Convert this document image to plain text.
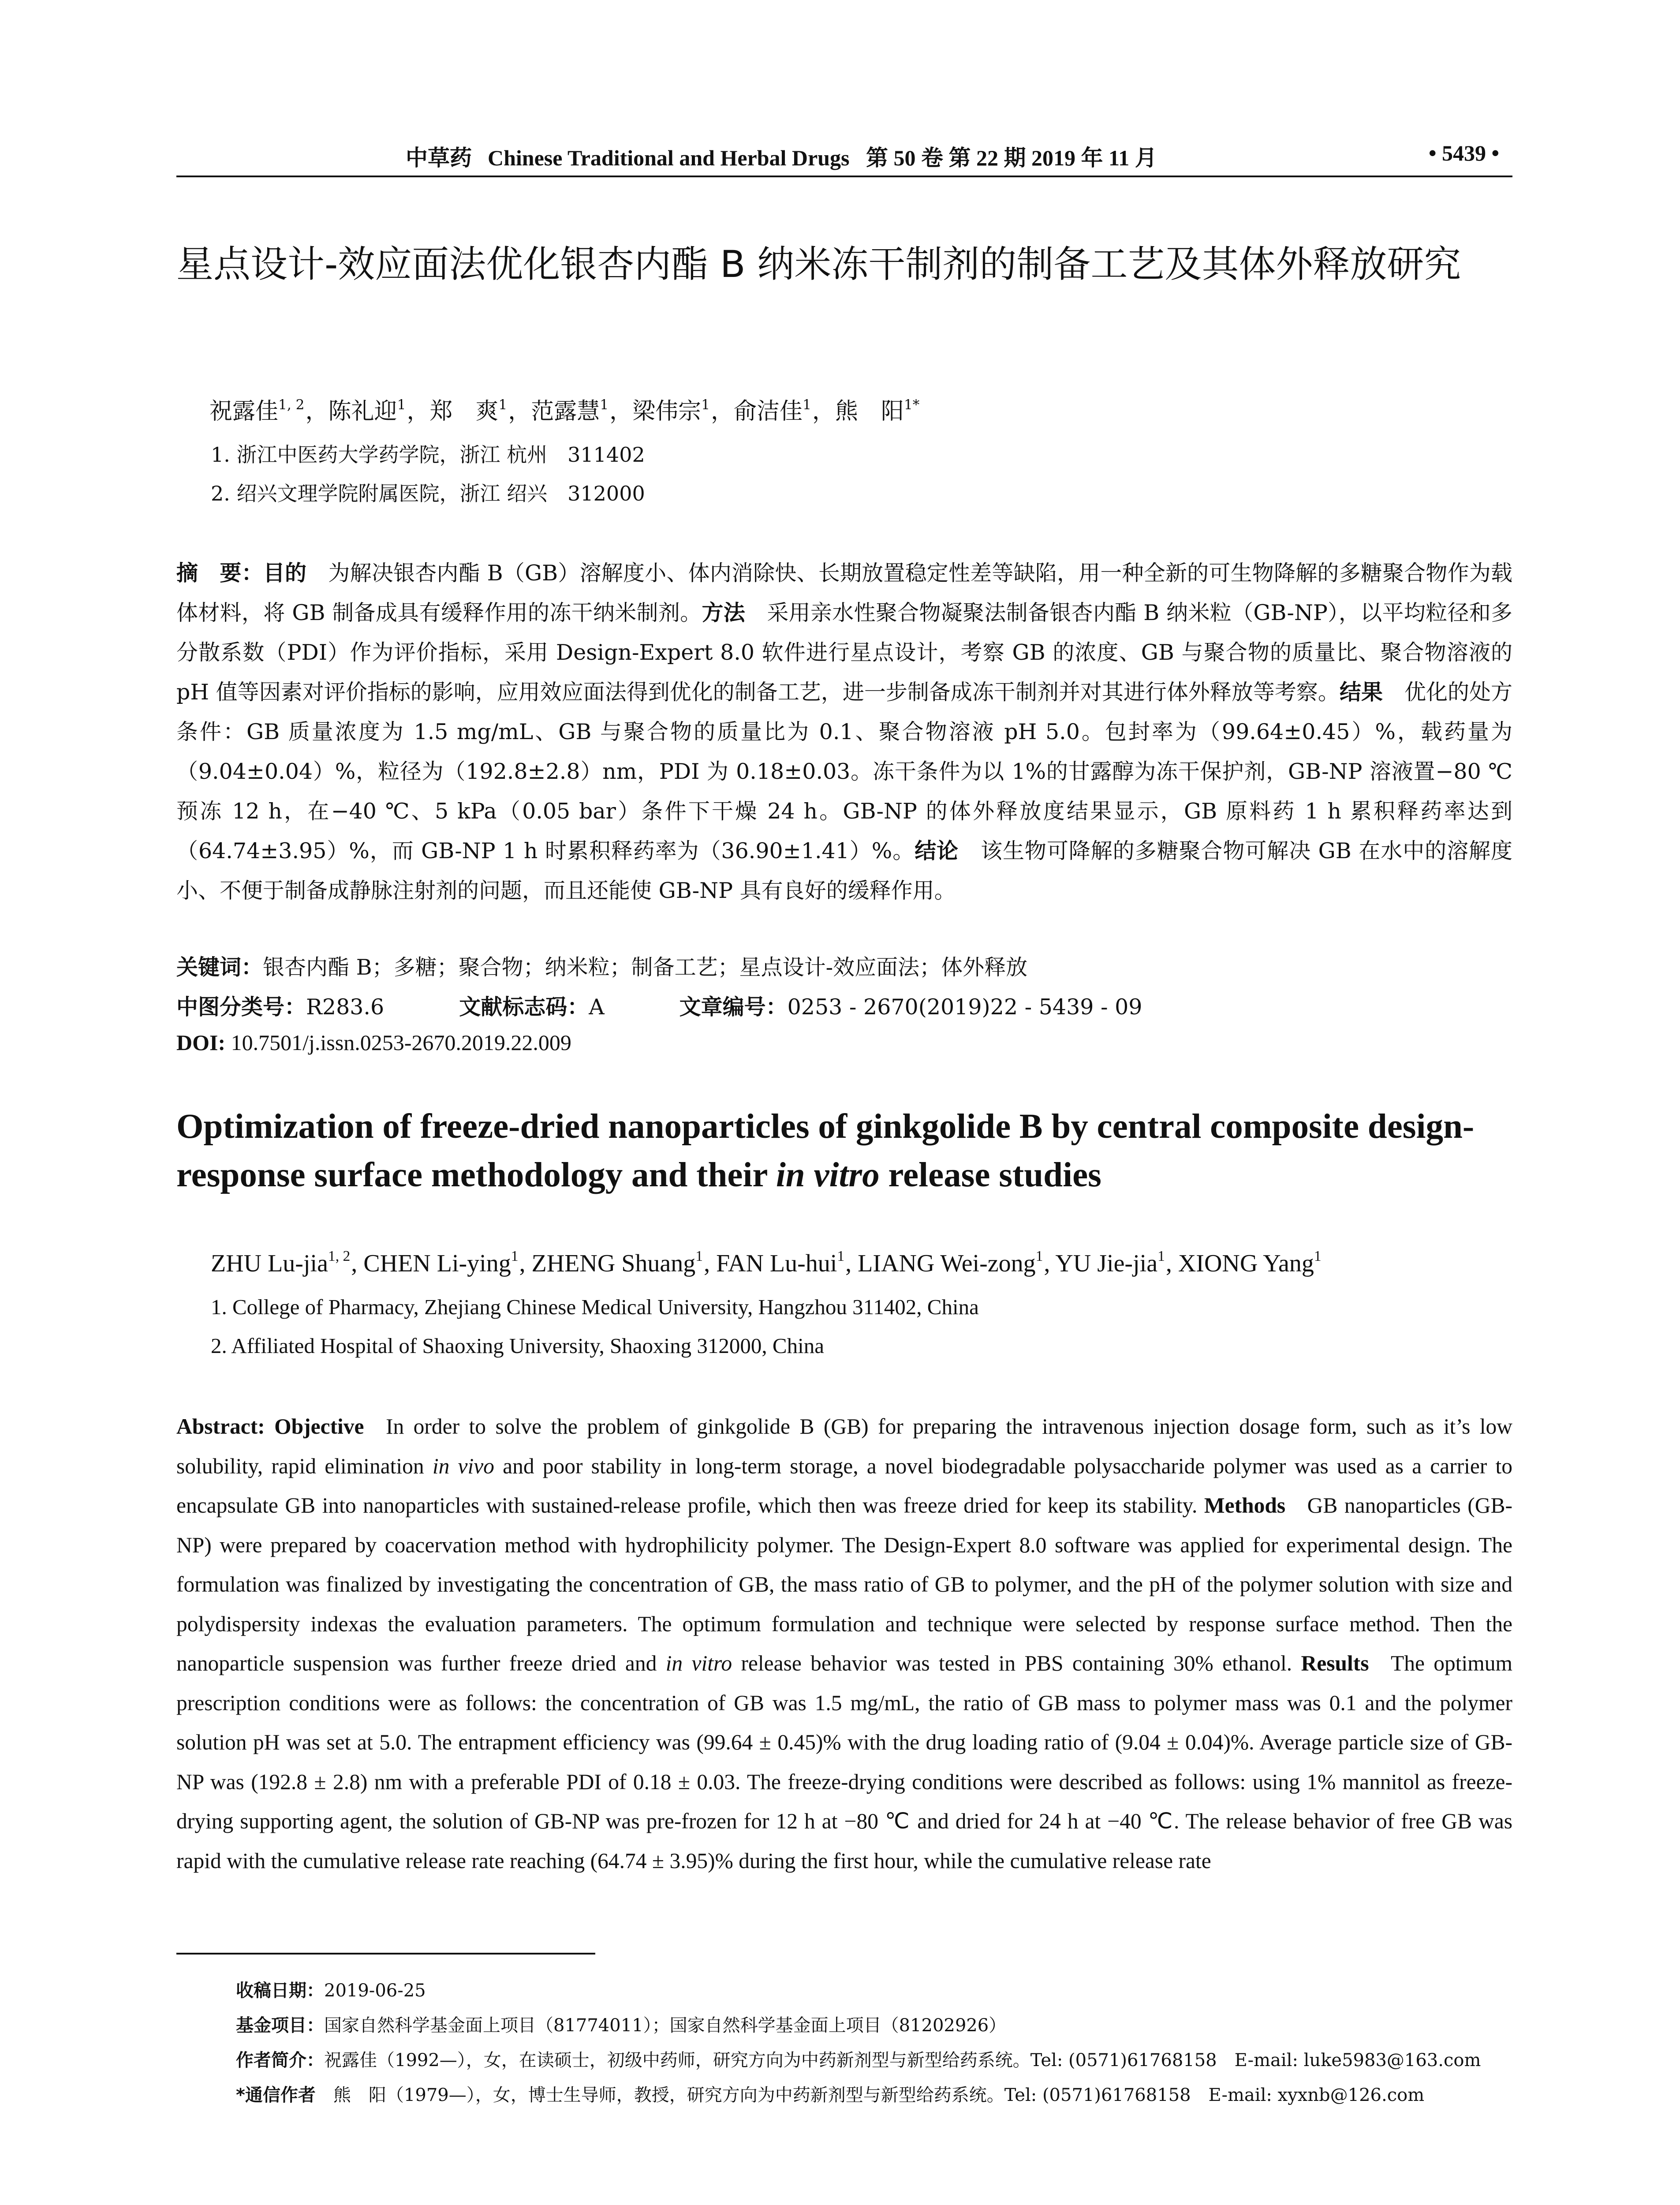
中草药 Chinese Traditional and Herbal Drugs 第 50 卷 第 22 期 2019 年 11 月	• 5439 •
星点设计-效应面法优化银杏内酯 B 纳米冻干制剂的制备工艺及其体外释放研究
祝露佳$^{1, 2}$，陈礼迎$^1$，郑　爽$^1$，范露慧$^1$，梁伟宗$^1$，俞洁佳$^1$，熊　阳$^{1*}$
1. 浙江中医药大学药学院，浙江 杭州　311402
2. 绍兴文理学院附属医院，浙江 绍兴　312000
摘　要：目的  为解决银杏内酯 B（GB）溶解度小、体内消除快、长期放置稳定性差等缺陷，用一种全新的可生物降解的多糖聚合物作为载体材料，将 GB 制备成具有缓释作用的冻干纳米制剂。方法  采用亲水性聚合物凝聚法制备银杏内酯 B 纳米粒（GB-NP），以平均粒径和多分散系数（PDI）作为评价指标，采用 Design-Expert 8.0 软件进行星点设计，考察 GB 的浓度、GB 与聚合物的质量比、聚合物溶液的 pH 值等因素对评价指标的影响，应用效应面法得到优化的制备工艺，进一步制备成冻干制剂并对其进行体外释放等考察。结果  优化的处方条件：GB 质量浓度为 1.5 mg/mL、GB 与聚合物的质量比为 0.1、聚合物溶液 pH 5.0。包封率为（99.64±0.45）%，载药量为（9.04±0.04）%，粒径为（192.8±2.8）nm，PDI 为 0.18±0.03。冻干条件为以 1%的甘露醇为冻干保护剂，GB-NP 溶液置−80 ℃预冻 12 h，在−40 ℃、5 kPa（0.05 bar）条件下干燥 24 h。GB-NP 的体外释放度结果显示，GB 原料药 1 h 累积释药率达到（64.74±3.95）%，而 GB-NP 1 h 时累积释药率为（36.90±1.41）%。结论  该生物可降解的多糖聚合物可解决 GB 在水中的溶解度小、不便于制备成静脉注射剂的问题，而且还能使 GB-NP 具有良好的缓释作用。
关键词：银杏内酯 B；多糖；聚合物；纳米粒；制备工艺；星点设计-效应面法；体外释放
中图分类号：R283.6	文献标志码：A	文章编号：0253 - 2670(2019)22 - 5439 - 09
DOI: 10.7501/j.issn.0253-2670.2019.22.009
Optimization of freeze-dried nanoparticles of ginkgolide B by central composite design-response surface methodology and their in vitro release studies
ZHU Lu-jia$^{1, 2}$, CHEN Li-ying$^1$, ZHENG Shuang$^1$, FAN Lu-hui$^1$, LIANG Wei-zong$^1$, YU Jie-jia$^1$, XIONG Yang$^1$
1. College of Pharmacy, Zhejiang Chinese Medical University, Hangzhou 311402, China
2. Affiliated Hospital of Shaoxing University, Shaoxing 312000, China
Abstract: Objective  In order to solve the problem of ginkgolide B (GB) for preparing the intravenous injection dosage form, such as it’s low solubility, rapid elimination in vivo and poor stability in long-term storage, a novel biodegradable polysaccharide polymer was used as a carrier to encapsulate GB into nanoparticles with sustained-release profile, which then was freeze dried for keep its stability. Methods  GB nanoparticles (GB-NP) were prepared by coacervation method with hydrophilicity polymer. The Design-Expert 8.0 software was applied for experimental design. The formulation was finalized by investigating the concentration of GB, the mass ratio of GB to polymer, and the pH of the polymer solution with size and polydispersity indexas the evaluation parameters. The optimum formulation and technique were selected by response surface method. Then the nanoparticle suspension was further freeze dried and in vitro release behavior was tested in PBS containing 30% ethanol. Results  The optimum prescription conditions were as follows: the concentration of GB was 1.5 mg/mL, the ratio of GB mass to polymer mass was 0.1 and the polymer solution pH was set at 5.0. The entrapment efficiency was (99.64 ± 0.45)% with the drug loading ratio of (9.04 ± 0.04)%. Average particle size of GB-NP was (192.8 ± 2.8) nm with a preferable PDI of 0.18 ± 0.03. The freeze-drying conditions were described as follows: using 1% mannitol as freeze-drying supporting agent, the solution of GB-NP was pre-frozen for 12 h at −80 ℃ and dried for 24 h at −40 ℃. The release behavior of free GB was rapid with the cumulative release rate reaching (64.74 ± 3.95)% during the first hour, while the cumulative release rate
收稿日期：2019-06-25
基金项目：国家自然科学基金面上项目（81774011）；国家自然科学基金面上项目（81202926）
作者简介：祝露佳（1992—），女，在读硕士，初级中药师，研究方向为中药新剂型与新型给药系统。Tel: (0571)61768158　E-mail: luke5983@163.com
*通信作者　熊　阳（1979—），女，博士生导师，教授，研究方向为中药新剂型与新型给药系统。Tel: (0571)61768158　E-mail: xyxnb@126.com
